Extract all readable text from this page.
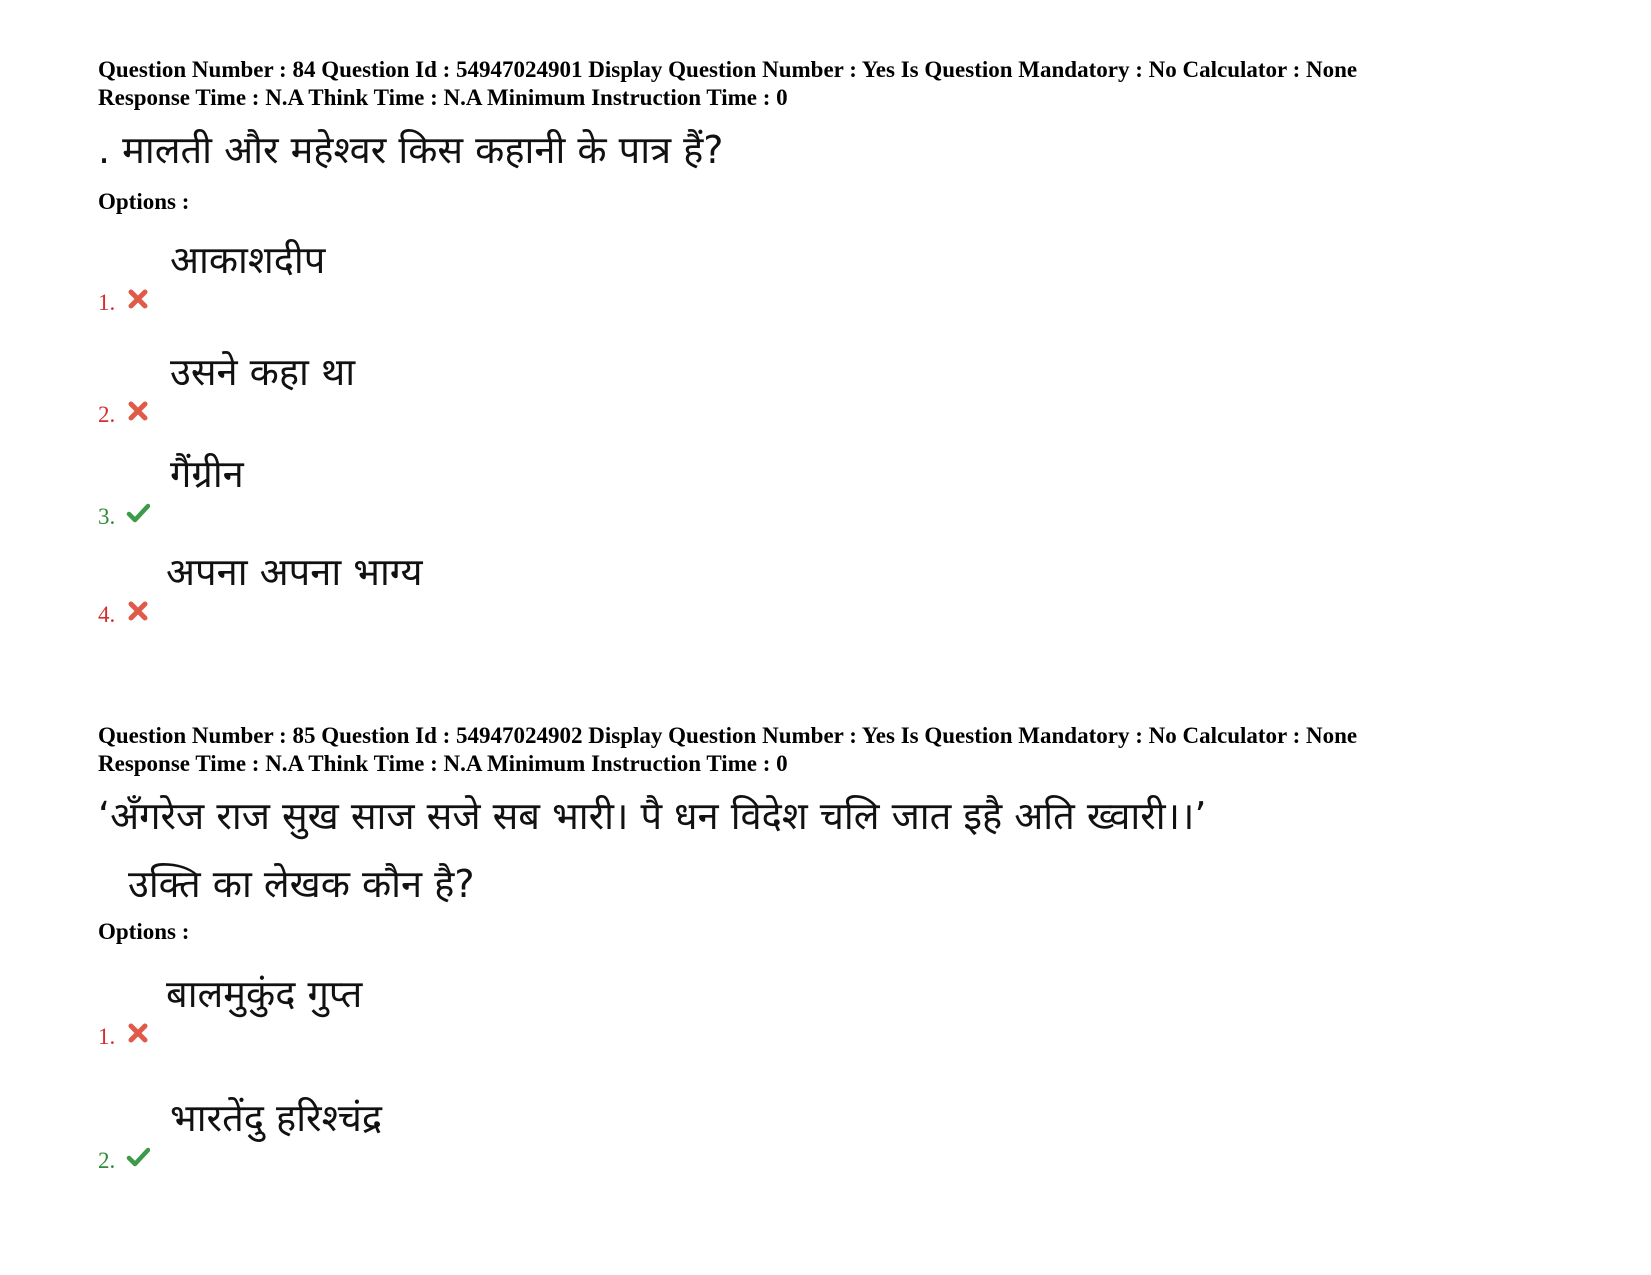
Question Number : 84 Question Id : 54947024901 Display Question Number : Yes Is Question Mandatory : No Calculator : None
Response Time : N.A Think Time : N.A Minimum Instruction Time : 0
. मालती और महेश्वर किस कहानी के पात्र हैं?
Options :
1.
आकाशदीप
2.
उसने कहा था
3.
गैंग्रीन
4.
अपना अपना भाग्य
Question Number : 85 Question Id : 54947024902 Display Question Number : Yes Is Question Mandatory : No Calculator : None
Response Time : N.A Think Time : N.A Minimum Instruction Time : 0
‘अँगरेज राज सुख साज सजे सब भारी। पै धन विदेश चलि जात इहै अति ख्वारी।।’
उक्ति का लेखक कौन है?
Options :
1.
बालमुकुंद गुप्त
2.
भारतेंदु हरिश्चंद्र
